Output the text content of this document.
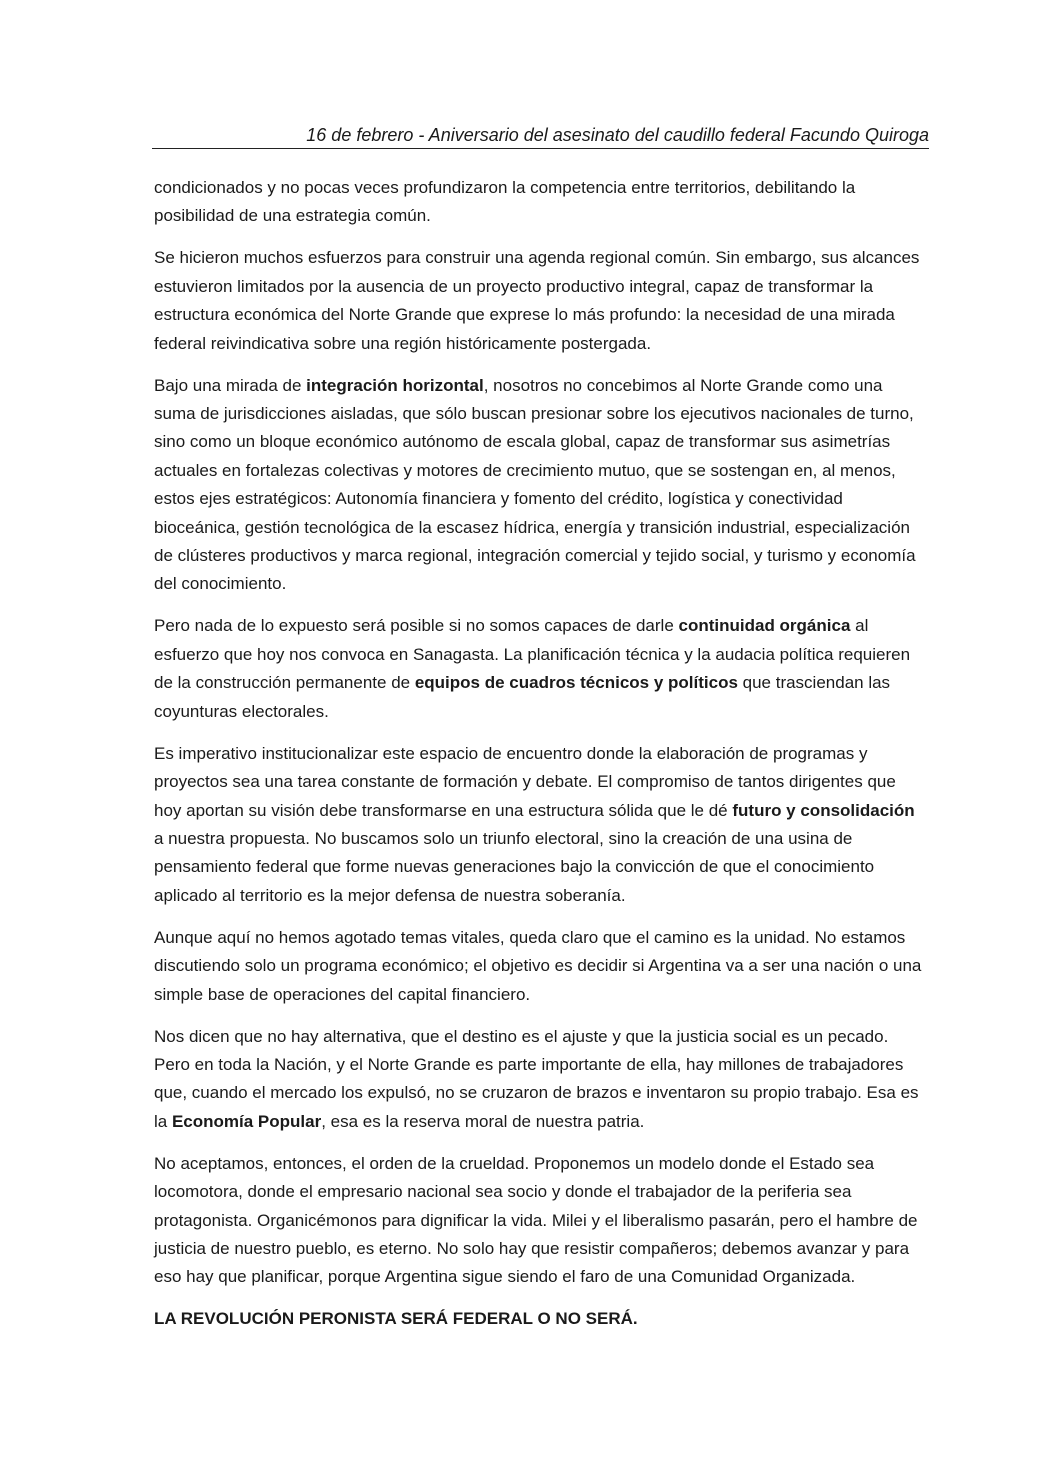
16 de febrero - Aniversario del asesinato del caudillo federal Facundo Quiroga

condicionados y no pocas veces profundizaron la competencia entre territorios, debilitando la posibilidad de una estrategia común.

Se hicieron muchos esfuerzos para construir una agenda regional común. Sin embargo, sus alcances estuvieron limitados por la ausencia de un proyecto productivo integral, capaz de transformar la estructura económica del Norte Grande que exprese lo más profundo: la necesidad de una mirada federal reivindicativa sobre una región históricamente postergada.

Bajo una mirada de integración horizontal, nosotros no concebimos al Norte Grande como una suma de jurisdicciones aisladas, que sólo buscan presionar sobre los ejecutivos nacionales de turno, sino como un bloque económico autónomo de escala global, capaz de transformar sus asimetrías actuales en fortalezas colectivas y motores de crecimiento mutuo, que se sostengan en, al menos, estos ejes estratégicos: Autonomía financiera y fomento del crédito, logística y conectividad bioceánica, gestión tecnológica de la escasez hídrica, energía y transición industrial, especialización de clústeres productivos y marca regional, integración comercial y tejido social, y turismo y economía del conocimiento.

Pero nada de lo expuesto será posible si no somos capaces de darle continuidad orgánica al esfuerzo que hoy nos convoca en Sanagasta. La planificación técnica y la audacia política requieren de la construcción permanente de equipos de cuadros técnicos y políticos que trasciendan las coyunturas electorales.

Es imperativo institucionalizar este espacio de encuentro donde la elaboración de programas y proyectos sea una tarea constante de formación y debate. El compromiso de tantos dirigentes que hoy aportan su visión debe transformarse en una estructura sólida que le dé futuro y consolidación a nuestra propuesta. No buscamos solo un triunfo electoral, sino la creación de una usina de pensamiento federal que forme nuevas generaciones bajo la convicción de que el conocimiento aplicado al territorio es la mejor defensa de nuestra soberanía.

Aunque aquí no hemos agotado temas vitales, queda claro que el camino es la unidad. No estamos discutiendo solo un programa económico; el objetivo es decidir si Argentina va a ser una nación o una simple base de operaciones del capital financiero.

Nos dicen que no hay alternativa, que el destino es el ajuste y que la justicia social es un pecado. Pero en toda la Nación, y el Norte Grande es parte importante de ella, hay millones de trabajadores que, cuando el mercado los expulsó, no se cruzaron de brazos e inventaron su propio trabajo. Esa es la Economía Popular, esa es la reserva moral de nuestra patria.

No aceptamos, entonces, el orden de la crueldad. Proponemos un modelo donde el Estado sea locomotora, donde el empresario nacional sea socio y donde el trabajador de la periferia sea protagonista. Organicémonos para dignificar la vida. Milei y el liberalismo pasarán, pero el hambre de justicia de nuestro pueblo, es eterno. No solo hay que resistir compañeros; debemos avanzar y para eso hay que planificar, porque Argentina sigue siendo el faro de una Comunidad Organizada.

LA REVOLUCIÓN PERONISTA SERÁ FEDERAL O NO SERÁ.
